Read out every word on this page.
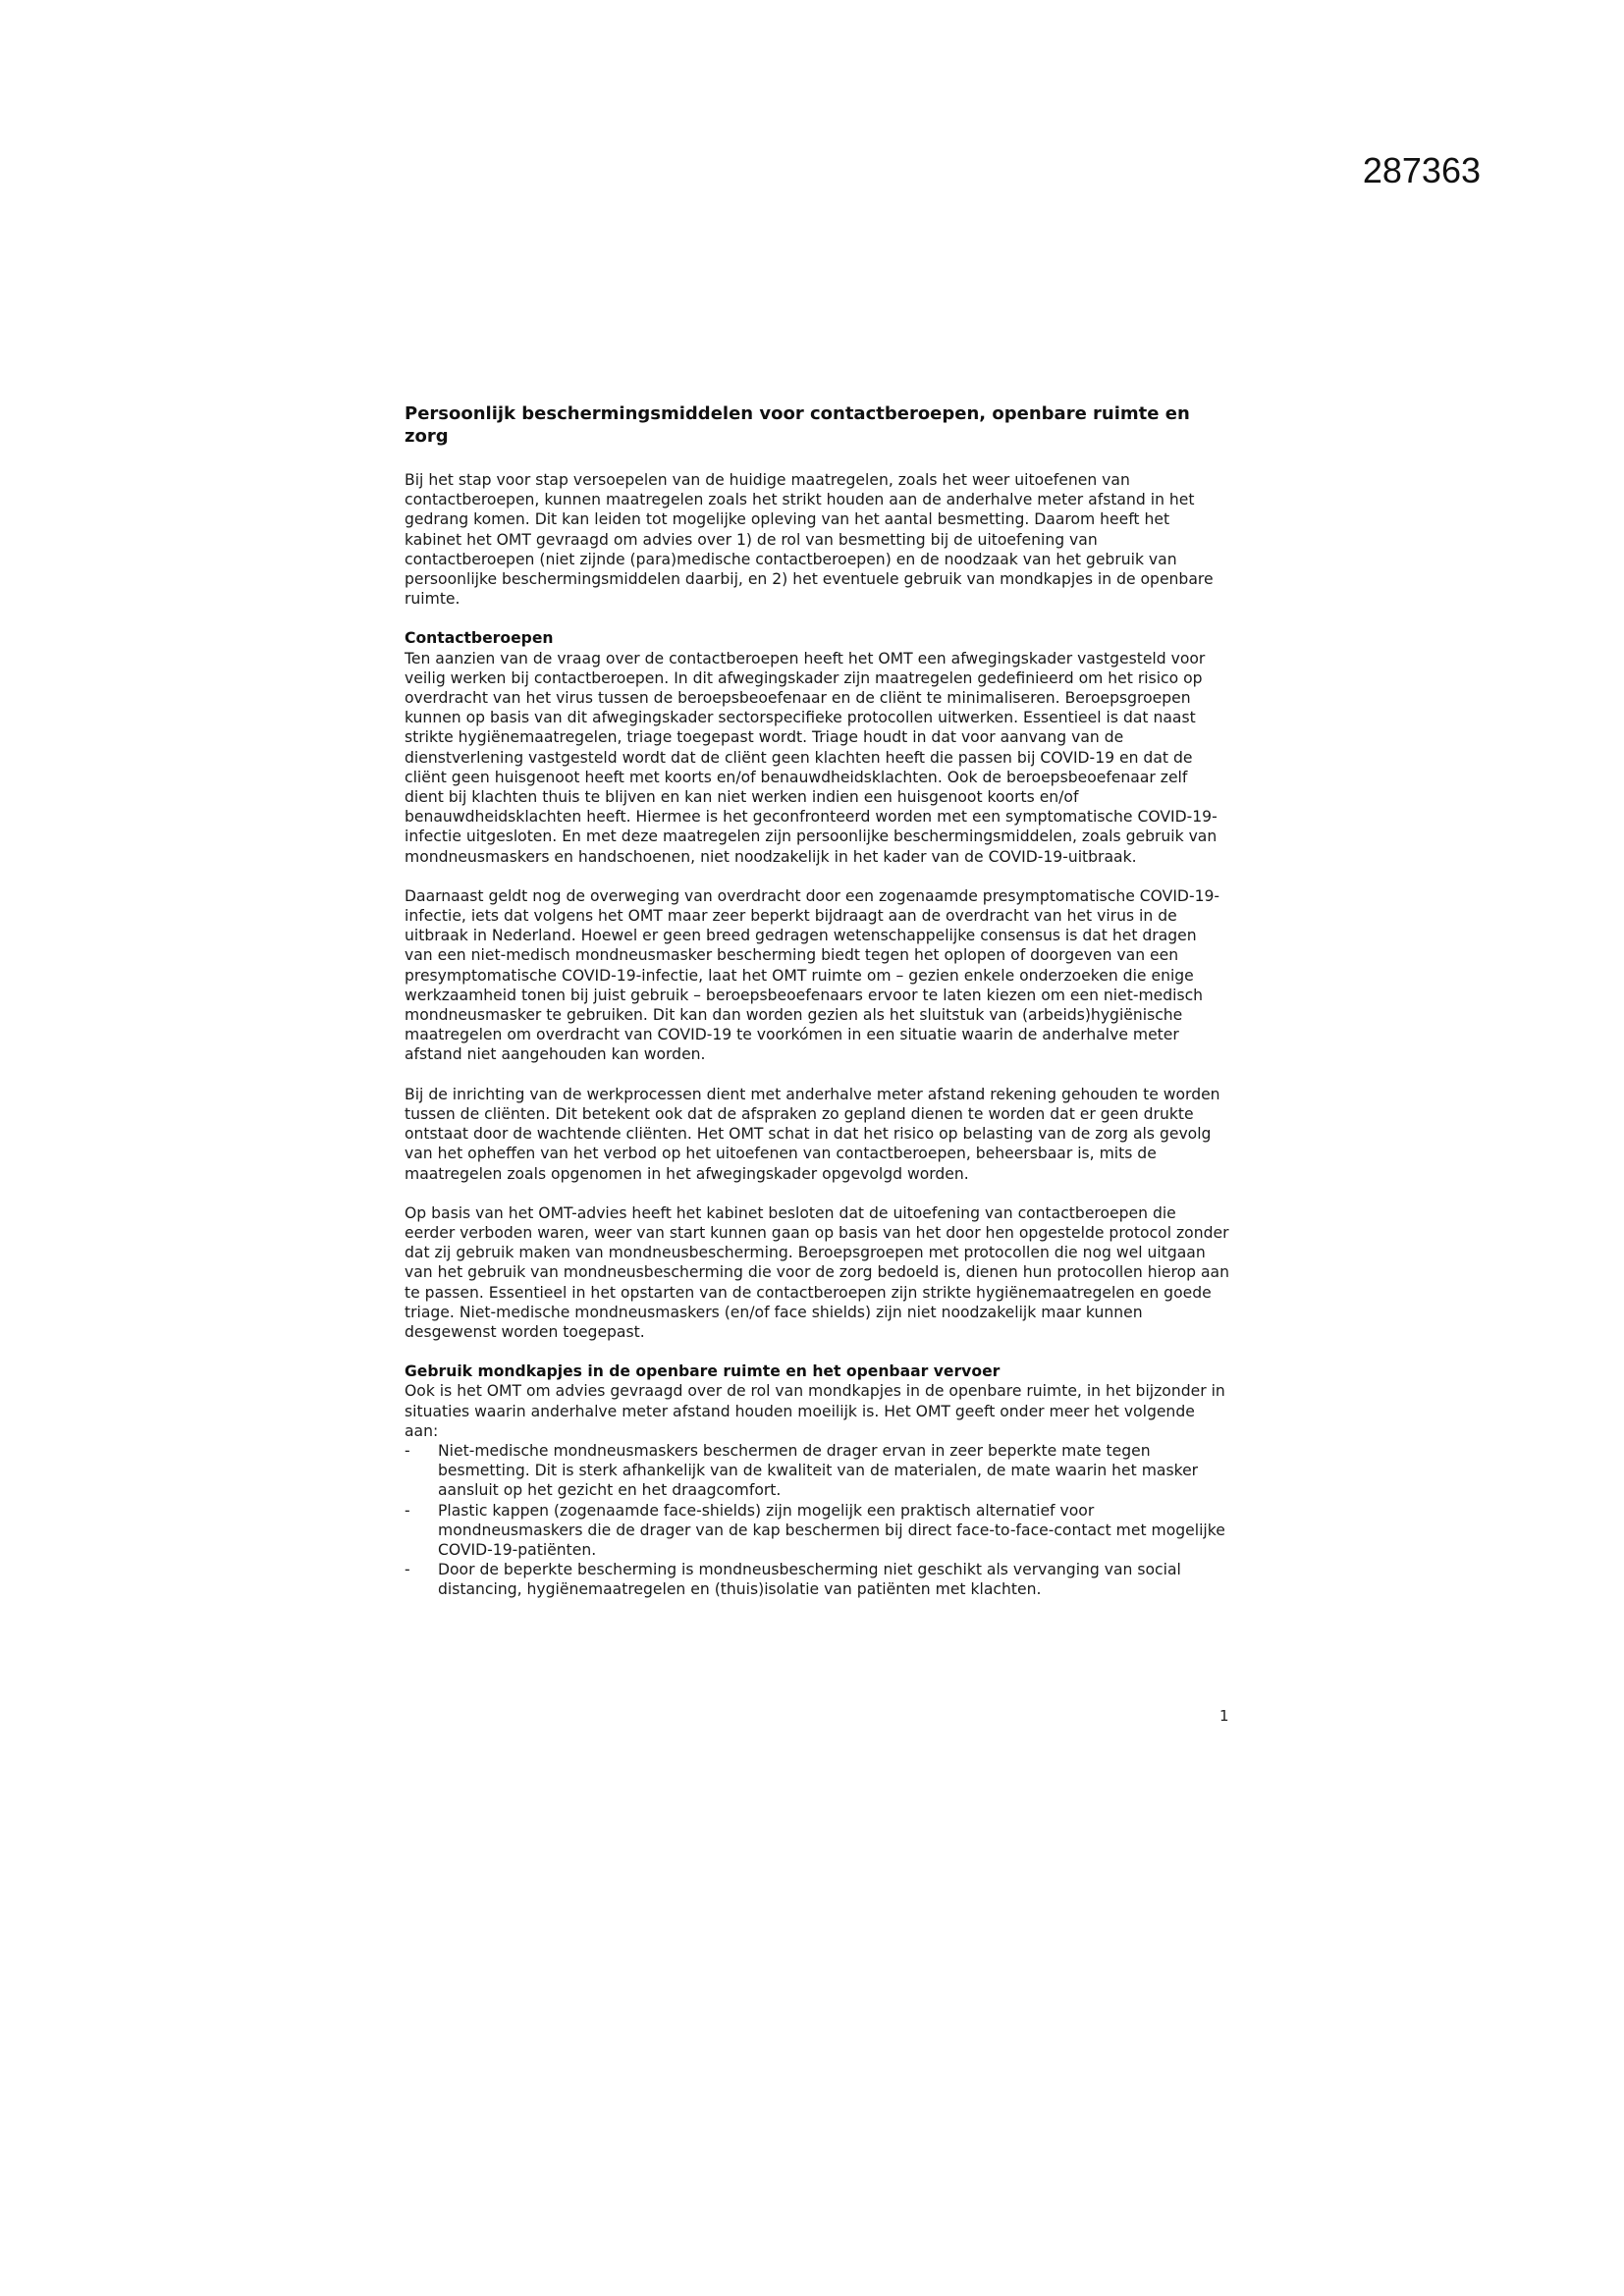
287363
Persoonlijk beschermingsmiddelen voor contactberoepen, openbare ruimte en zorg

Bij het stap voor stap versoepelen van de huidige maatregelen, zoals het weer uitoefenen van contactberoepen, kunnen maatregelen zoals het strikt houden aan de anderhalve meter afstand in het gedrang komen. Dit kan leiden tot mogelijke opleving van het aantal besmetting. Daarom heeft het kabinet het OMT gevraagd om advies over 1) de rol van besmetting bij de uitoefening van contactberoepen (niet zijnde (para)medische contactberoepen) en de noodzaak van het gebruik van persoonlijke beschermingsmiddelen daarbij, en 2) het eventuele gebruik van mondkapjes in de openbare ruimte.

Contactberoepen

Ten aanzien van de vraag over de contactberoepen heeft het OMT een afwegingskader vastgesteld voor veilig werken bij contactberoepen. In dit afwegingskader zijn maatregelen gedefinieerd om het risico op overdracht van het virus tussen de beroepsbeoefenaar en de cliënt te minimaliseren. Beroepsgroepen kunnen op basis van dit afwegingskader sectorspecifieke protocollen uitwerken. Essentieel is dat naast strikte hygiënemaatregelen, triage toegepast wordt. Triage houdt in dat voor aanvang van de dienstverlening vastgesteld wordt dat de cliënt geen klachten heeft die passen bij COVID-19 en dat de cliënt geen huisgenoot heeft met koorts en/of benauwdheidsklachten. Ook de beroepsbeoefenaar zelf dient bij klachten thuis te blijven en kan niet werken indien een huisgenoot koorts en/of benauwdheidsklachten heeft. Hiermee is het geconfronteerd worden met een symptomatische COVID-19-infectie uitgesloten. En met deze maatregelen zijn persoonlijke beschermingsmiddelen, zoals gebruik van mondneusmaskers en handschoenen, niet noodzakelijk in het kader van de COVID-19-uitbraak.

Daarnaast geldt nog de overweging van overdracht door een zogenaamde presymptomatische COVID-19-infectie, iets dat volgens het OMT maar zeer beperkt bijdraagt aan de overdracht van het virus in de uitbraak in Nederland. Hoewel er geen breed gedragen wetenschappelijke consensus is dat het dragen van een niet-medisch mondneusmasker bescherming biedt tegen het oplopen of doorgeven van een presymptomatische COVID-19-infectie, laat het OMT ruimte om – gezien enkele onderzoeken die enige werkzaamheid tonen bij juist gebruik – beroepsbeoefenaars ervoor te laten kiezen om een niet-medisch mondneusmasker te gebruiken. Dit kan dan worden gezien als het sluitstuk van (arbeids)hygiënische maatregelen om overdracht van COVID-19 te voorkómen in een situatie waarin de anderhalve meter afstand niet aangehouden kan worden.

Bij de inrichting van de werkprocessen dient met anderhalve meter afstand rekening gehouden te worden tussen de cliënten. Dit betekent ook dat de afspraken zo gepland dienen te worden dat er geen drukte ontstaat door de wachtende cliënten. Het OMT schat in dat het risico op belasting van de zorg als gevolg van het opheffen van het verbod op het uitoefenen van contactberoepen, beheersbaar is, mits de maatregelen zoals opgenomen in het afwegingskader opgevolgd worden.

Op basis van het OMT-advies heeft het kabinet besloten dat de uitoefening van contactberoepen die eerder verboden waren, weer van start kunnen gaan op basis van het door hen opgestelde protocol zonder dat zij gebruik maken van mondneusbescherming. Beroepsgroepen met protocollen die nog wel uitgaan van het gebruik van mondneusbescherming die voor de zorg bedoeld is, dienen hun protocollen hierop aan te passen. Essentieel in het opstarten van de contactberoepen zijn strikte hygiënemaatregelen en goede triage. Niet-medische mondneusmaskers (en/of face shields) zijn niet noodzakelijk maar kunnen desgewenst worden toegepast.

Gebruik mondkapjes in de openbare ruimte en het openbaar vervoer

Ook is het OMT om advies gevraagd over de rol van mondkapjes in de openbare ruimte, in het bijzonder in situaties waarin anderhalve meter afstand houden moeilijk is. Het OMT geeft onder meer het volgende aan:

- Niet-medische mondneusmaskers beschermen de drager ervan in zeer beperkte mate tegen besmetting. Dit is sterk afhankelijk van de kwaliteit van de materialen, de mate waarin het masker aansluit op het gezicht en het draagcomfort.
- Plastic kappen (zogenaamde face-shields) zijn mogelijk een praktisch alternatief voor mondneusmaskers die de drager van de kap beschermen bij direct face-to-face-contact met mogelijke COVID-19-patiënten.
- Door de beperkte bescherming is mondneusbescherming niet geschikt als vervanging van social distancing, hygiënemaatregelen en (thuis)isolatie van patiënten met klachten.
1
